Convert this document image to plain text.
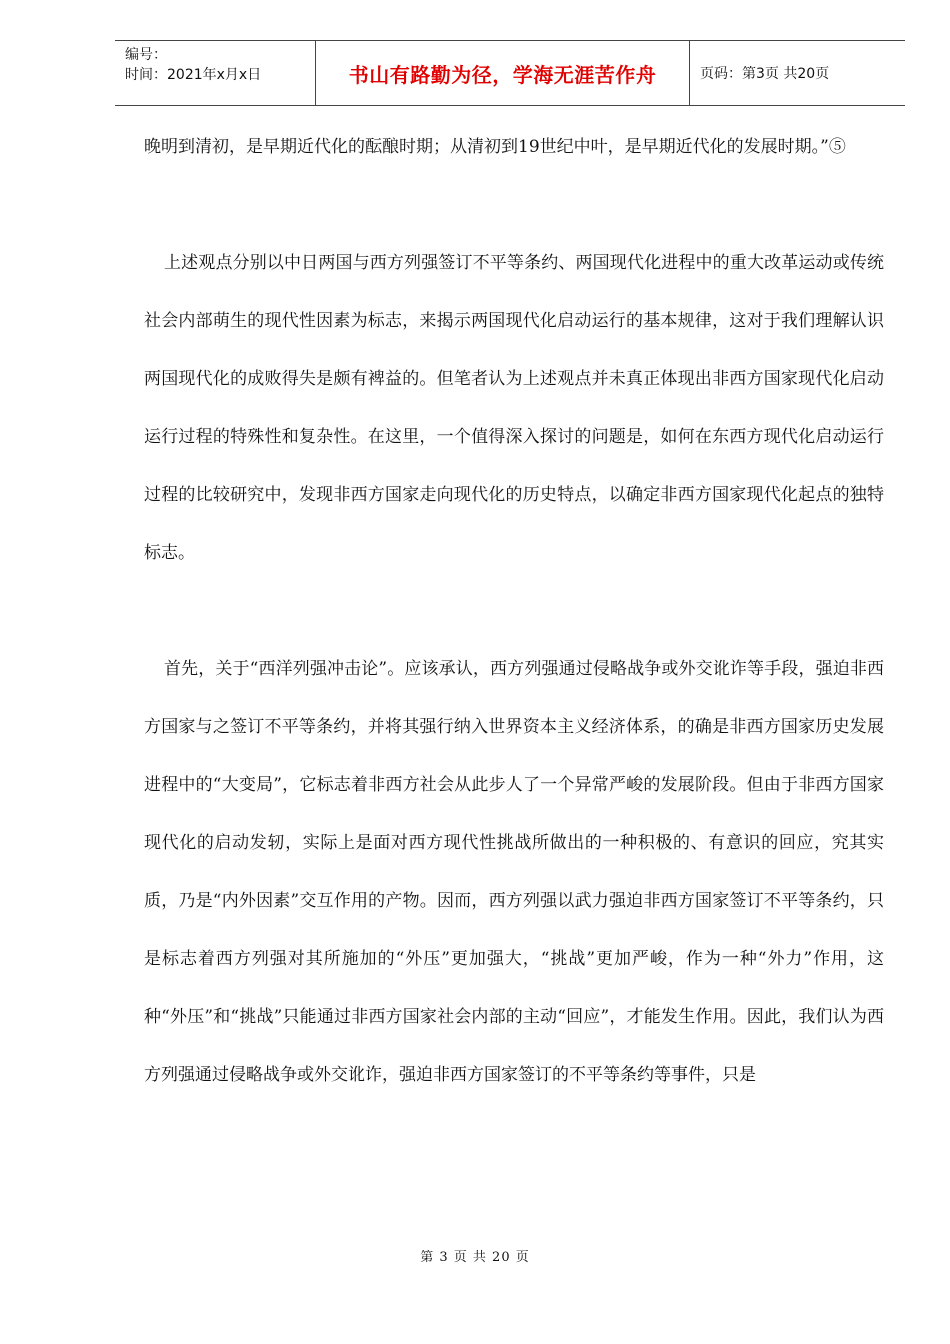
编号：
时间：2021年x月x日	书山有路勤为径，学海无涯苦作舟	页码：第3页 共20页

晚明到清初，是早期近代化的酝酿时期；从清初到19世纪中叶，是早期近代化的发展时期。”⑤

上述观点分别以中日两国与西方列强签订不平等条约、两国现代化进程中的重大改革运动或传统社会内部萌生的现代性因素为标志，来揭示两国现代化启动运行的基本规律，这对于我们理解认识两国现代化的成败得失是颇有裨益的。但笔者认为上述观点并未真正体现出非西方国家现代化启动运行过程的特殊性和复杂性。在这里，一个值得深入探讨的问题是，如何在东西方现代化启动运行过程的比较研究中，发现非西方国家走向现代化的历史特点，以确定非西方国家现代化起点的独特标志。

首先，关于“西洋列强冲击论”。应该承认，西方列强通过侵略战争或外交讹诈等手段，强迫非西方国家与之签订不平等条约，并将其强行纳入世界资本主义经济体系，的确是非西方国家历史发展进程中的“大变局”，它标志着非西方社会从此步人了一个异常严峻的发展阶段。但由于非西方国家现代化的启动发轫，实际上是面对西方现代性挑战所做出的一种积极的、有意识的回应，究其实质，乃是“内外因素”交互作用的产物。因而，西方列强以武力强迫非西方国家签订不平等条约，只是标志着西方列强对其所施加的“外压”更加强大，“挑战”更加严峻，作为一种“外力”作用，这种“外压”和“挑战”只能通过非西方国家社会内部的主动“回应”，才能发生作用。因此，我们认为西方列强通过侵略战争或外交讹诈，强迫非西方国家签订的不平等条约等事件，只是

第 3 页 共 20 页
